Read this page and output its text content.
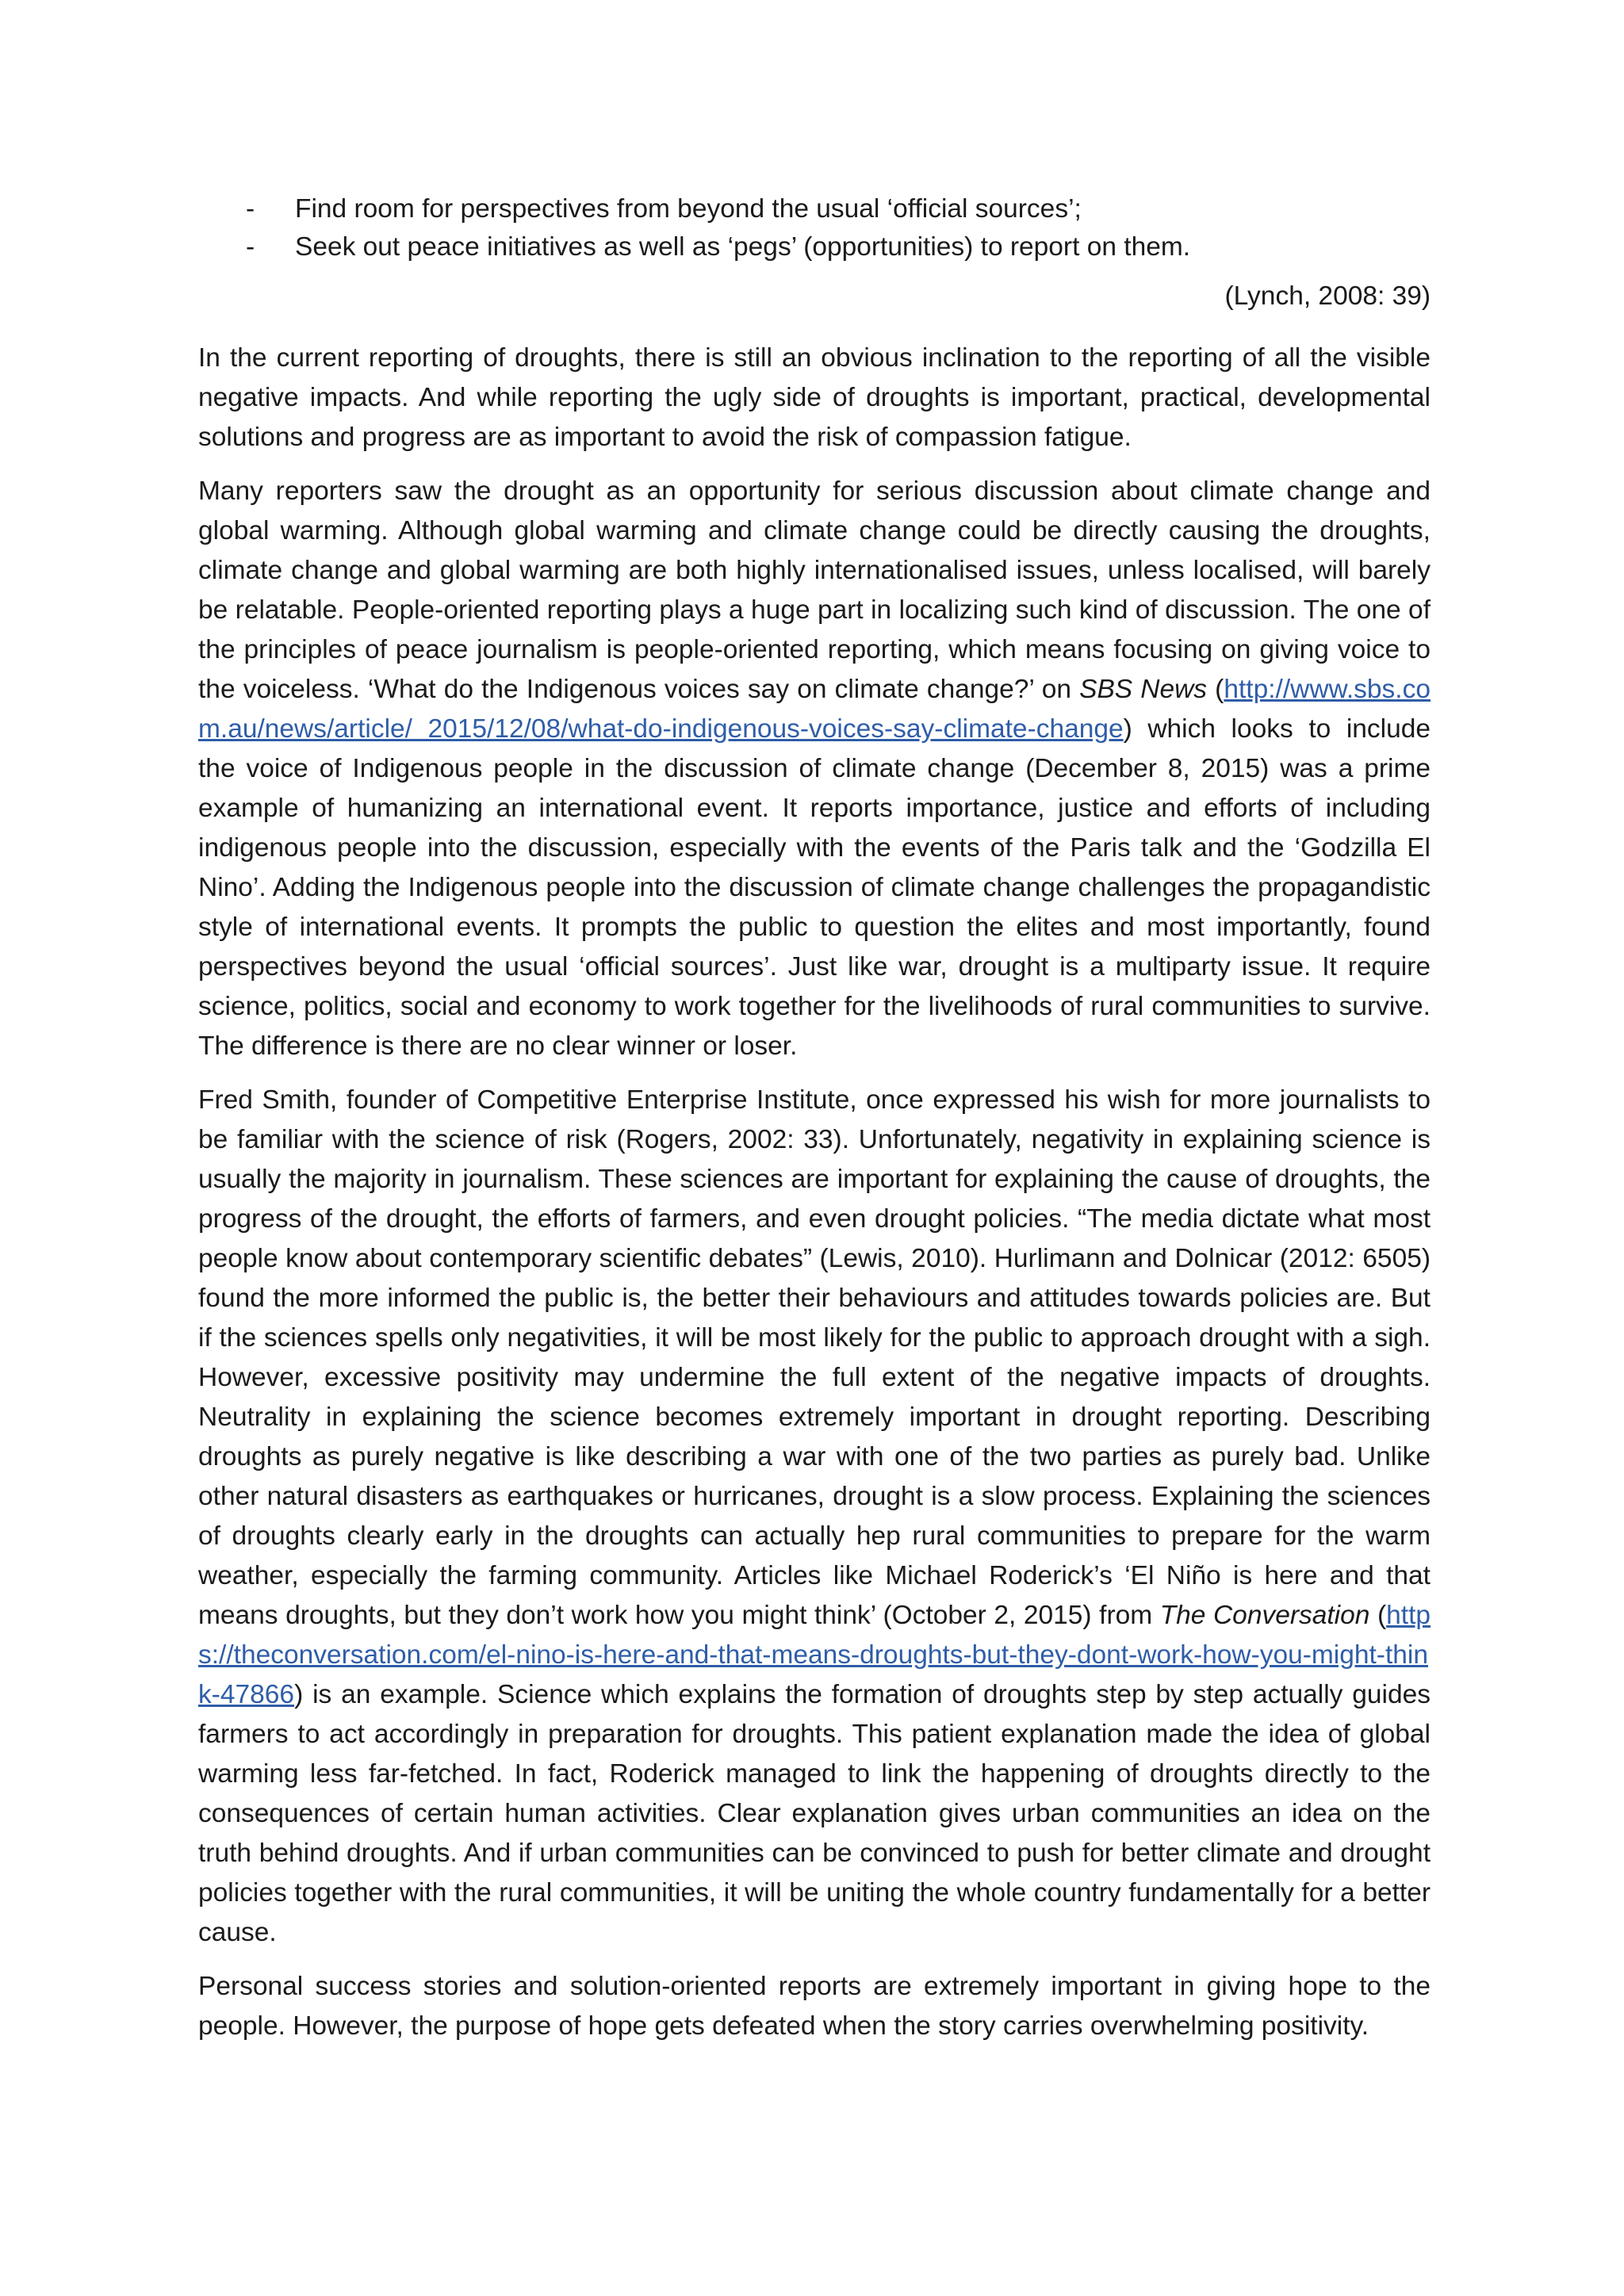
- Find room for perspectives from beyond the usual ‘official sources’;
- Seek out peace initiatives as well as ‘pegs’ (opportunities) to report on them.

(Lynch, 2008: 39)

In the current reporting of droughts, there is still an obvious inclination to the reporting of all the visible negative impacts. And while reporting the ugly side of droughts is important, practical, developmental solutions and progress are as important to avoid the risk of compassion fatigue.

Many reporters saw the drought as an opportunity for serious discussion about climate change and global warming. Although global warming and climate change could be directly causing the droughts, climate change and global warming are both highly internationalised issues, unless localised, will barely be relatable. People-oriented reporting plays a huge part in localizing such kind of discussion. The one of the principles of peace journalism is people-oriented reporting, which means focusing on giving voice to the voiceless. ‘What do the Indigenous voices say on climate change?’ on SBS News (http://www.sbs.com.au/news/article/ 2015/12/08/what-do-indigenous-voices-say-climate-change) which looks to include the voice of Indigenous people in the discussion of climate change (December 8, 2015) was a prime example of humanizing an international event. It reports importance, justice and efforts of including indigenous people into the discussion, especially with the events of the Paris talk and the ‘Godzilla El Nino’. Adding the Indigenous people into the discussion of climate change challenges the propagandistic style of international events. It prompts the public to question the elites and most importantly, found perspectives beyond the usual ‘official sources’. Just like war, drought is a multiparty issue. It require science, politics, social and economy to work together for the livelihoods of rural communities to survive. The difference is there are no clear winner or loser.

Fred Smith, founder of Competitive Enterprise Institute, once expressed his wish for more journalists to be familiar with the science of risk (Rogers, 2002: 33). Unfortunately, negativity in explaining science is usually the majority in journalism. These sciences are important for explaining the cause of droughts, the progress of the drought, the efforts of farmers, and even drought policies. “The media dictate what most people know about contemporary scientific debates” (Lewis, 2010). Hurlimann and Dolnicar (2012: 6505) found the more informed the public is, the better their behaviours and attitudes towards policies are. But if the sciences spells only negativities, it will be most likely for the public to approach drought with a sigh. However, excessive positivity may undermine the full extent of the negative impacts of droughts. Neutrality in explaining the science becomes extremely important in drought reporting. Describing droughts as purely negative is like describing a war with one of the two parties as purely bad. Unlike other natural disasters as earthquakes or hurricanes, drought is a slow process. Explaining the sciences of droughts clearly early in the droughts can actually hep rural communities to prepare for the warm weather, especially the farming community. Articles like Michael Roderick’s ‘El Niño is here and that means droughts, but they don’t work how you might think’ (October 2, 2015) from The Conversation (https://theconversation.com/el-nino-is-here-and-that-means-droughts-but-they-dont-work-how-you-might-think-47866) is an example. Science which explains the formation of droughts step by step actually guides farmers to act accordingly in preparation for droughts. This patient explanation made the idea of global warming less far-fetched. In fact, Roderick managed to link the happening of droughts directly to the consequences of certain human activities. Clear explanation gives urban communities an idea on the truth behind droughts. And if urban communities can be convinced to push for better climate and drought policies together with the rural communities, it will be uniting the whole country fundamentally for a better cause.

Personal success stories and solution-oriented reports are extremely important in giving hope to the people. However, the purpose of hope gets defeated when the story carries overwhelming positivity.
